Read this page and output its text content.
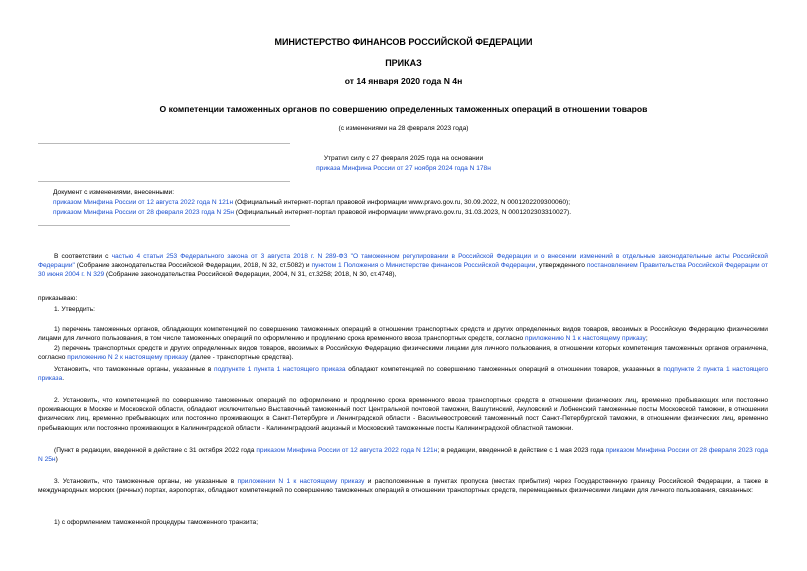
МИНИСТЕРСТВО ФИНАНСОВ РОССИЙСКОЙ ФЕДЕРАЦИИ
ПРИКАЗ
от 14 января 2020 года N 4н
О компетенции таможенных органов по совершению определенных таможенных операций в отношении товаров
(с изменениями на 28 февраля 2023 года)
Утратил силу с 27 февраля 2025 года на основании
приказа Минфина России от 27 ноября 2024 года N 178н
Документ с изменениями, внесенными:
приказом Минфина России от 12 августа 2022 года N 121н (Официальный интернет-портал правовой информации www.pravo.gov.ru, 30.09.2022, N 0001202209300060);
приказом Минфина России от 28 февраля 2023 года N 25н (Официальный интернет-портал правовой информации www.pravo.gov.ru, 31.03.2023, N 0001202303310027).
В соответствии с частью 4 статьи 253 Федерального закона от 3 августа 2018 г. N 289-ФЗ "О таможенном регулировании в Российской Федерации и о внесении изменений в отдельные законодательные акты Российской Федерации" (Собрание законодательства Российской Федерации, 2018, N 32, ст.5082) и пунктом 1 Положения о Министерстве финансов Российской Федерации, утвержденного постановлением Правительства Российской Федерации от 30 июня 2004 г. N 329 (Собрание законодательства Российской Федерации, 2004, N 31, ст.3258; 2018, N 30, ст.4748),
приказываю:
1. Утвердить:
1) перечень таможенных органов, обладающих компетенцией по совершению таможенных операций в отношении транспортных средств и других определенных видов товаров, ввозимых в Российскую Федерацию физическими лицами для личного пользования, в том числе таможенных операций по оформлению и продлению срока временного ввоза транспортных средств, согласно приложению N 1 к настоящему приказу;
2) перечень транспортных средств и других определенных видов товаров, ввозимых в Российскую Федерацию физическими лицами для личного пользования, в отношении которых компетенция таможенных органов ограничена, согласно приложению N 2 к настоящему приказу (далее - транспортные средства).
Установить, что таможенные органы, указанные в подпункте 1 пункта 1 настоящего приказа обладают компетенцией по совершению таможенных операций в отношении товаров, указанных в подпункте 2 пункта 1 настоящего приказа.
2. Установить, что компетенцией по совершению таможенных операций по оформлению и продлению срока временного ввоза транспортных средств в отношении физических лиц, временно пребывающих или постоянно проживающих в Москве и Московской области, обладают исключительно Выставочный таможенный пост Центральной почтовой таможни, Вашутинский, Акуловский и Лобненский таможенные посты Московской таможни, в отношении физических лиц, временно пребывающих или постоянно проживающих в Санкт-Петербурге и Ленинградской области - Васильевостровский таможенный пост Санкт-Петербургской таможни, в отношении физических лиц, временно пребывающих или постоянно проживающих в Калининградской области - Калининградский акцизный и Московский таможенные посты Калининградской областной таможни.
(Пункт в редакции, введенной в действие с 31 октября 2022 года приказом Минфина России от 12 августа 2022 года N 121н; в редакции, введенной в действие с 1 мая 2023 года приказом Минфина России от 28 февраля 2023 года N 25н)
3. Установить, что таможенные органы, не указанные в приложении N 1 к настоящему приказу и расположенные в пунктах пропуска (местах прибытия) через Государственную границу Российской Федерации, а также в международных морских (речных) портах, аэропортах, обладают компетенцией по совершению таможенных операций в отношении транспортных средств, перемещаемых физическими лицами для личного пользования, связанных:
1) с оформлением таможенной процедуры таможенного транзита;
